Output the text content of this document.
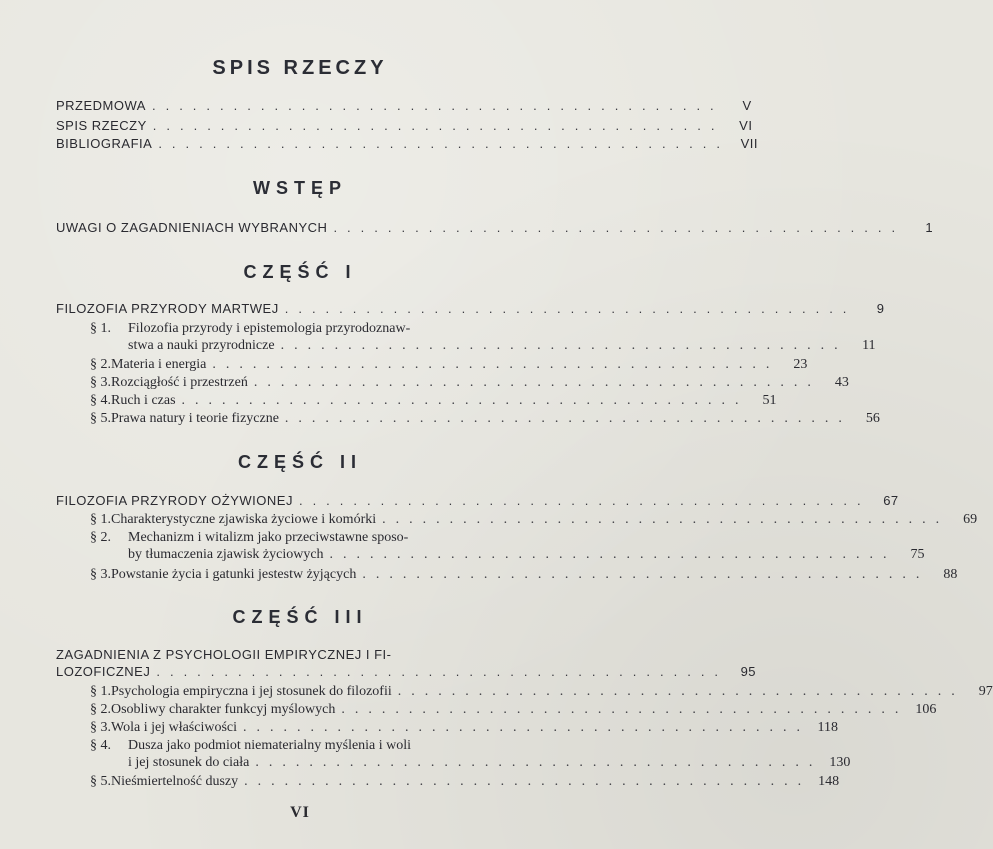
SPIS RZECZY
PRZEDMOWA ..........................................	V
SPIS RZECZY ..........................................	VI
BIBLIOGRAFIA .......................................... VII
WSTĘP
UWAGI O ZAGADNIENIACH WYBRANYCH ..........................................	1
CZĘŚĆ I
FILOZOFIA PRZYRODY MARTWEJ ..........................................	9
§ 1. Filozofia przyrody i epistemologia przyrodoznaw-
stwa a nauki przyrodnicze ..........................................	11
§ 2. Materia i energia ..........................................	23
§ 3. Rozciągłość i przestrzeń ..........................................	43
§ 4. Ruch i czas ..........................................	51
§ 5. Prawa natury i teorie fizyczne ..........................................	56
CZĘŚĆ II
FILOZOFIA PRZYRODY OŻYWIONEJ .......................................... 67
§ 1. Charakterystyczne zjawiska życiowe i komórki ..........................................	69
§ 2. Mechanizm i witalizm jako przeciwstawne sposo-
by tłumaczenia zjawisk życiowych ..........................................	75
§ 3. Powstanie życia i gatunki jestestw żyjących ..........................................	88
CZĘŚĆ III
ZAGADNIENIA Z PSYCHOLOGII EMPIRYCZNEJ I FI-
LOZOFICZNEJ .......................................... 95
§ 1. Psychologia empiryczna i jej stosunek do filozofii ..........................................	97
§ 2. Osobliwy charakter funkcyj myślowych .......................................... 106
§ 3. Wola i jej właściwości .......................................... 118
§ 4. Dusza jako podmiot niematerialny myślenia i woli
i jej stosunek do ciała .......................................... 130
§ 5. Nieśmiertelność duszy .......................................... 148
VI
